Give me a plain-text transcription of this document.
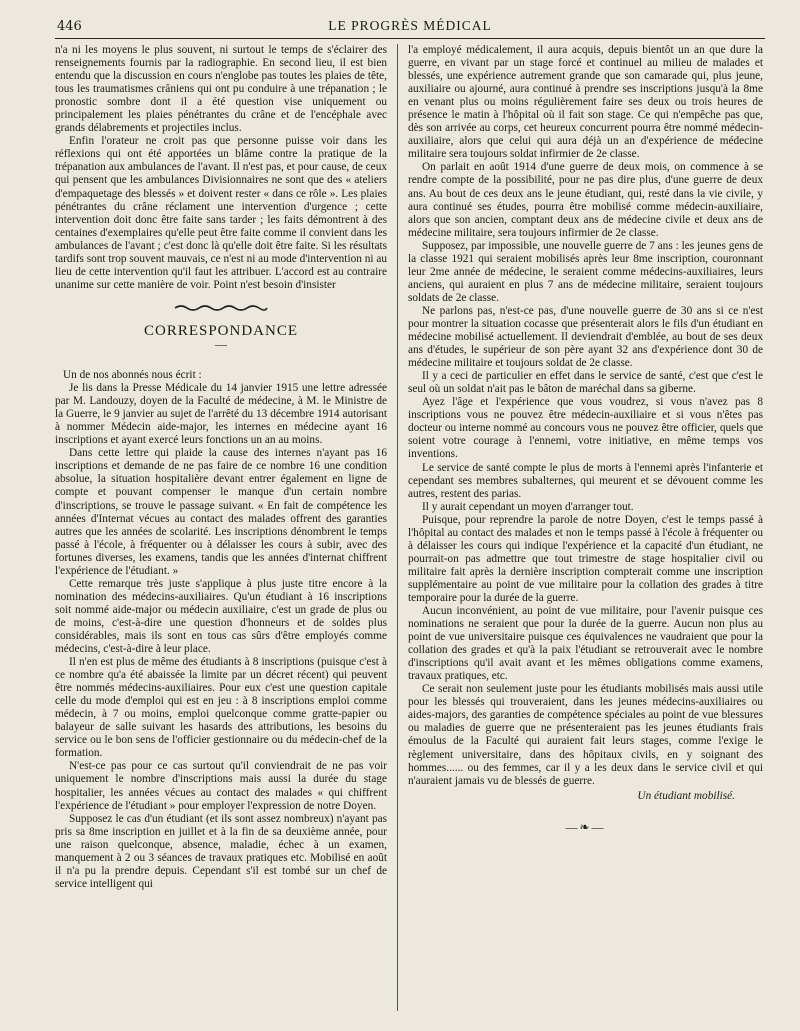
446	LE PROGRÈS MÉDICAL

n'a ni les moyens le plus souvent, ni surtout le temps de s'éclairer des renseignements fournis par la radiographie. En second lieu, il est bien entendu que la discussion en cours n'englobe pas toutes les plaies de tête, tous les traumatismes crâniens qui ont pu conduire à une trépanation ; le pronostic sombre dont il a été question vise uniquement ou principalement les plaies pénétrantes du crâne et de l'encéphale avec grands délabrements et projectiles inclus.

Enfin l'orateur ne croit pas que personne puisse voir dans les réflexions qui ont été apportées un blâme contre la pratique de la trépanation aux ambulances de l'avant. Il n'est pas, et pour cause, de ceux qui pensent que les ambulances Divisionnaires ne sont que des « ateliers d'empaquetage des blessés » et doivent rester « dans ce rôle ». Les plaies pénétrantes du crâne réclament une intervention d'urgence ; cette intervention doit donc être faite sans tarder ; les faits démontrent à des centaines d'exemplaires qu'elle peut être faite comme il convient dans les ambulances de l'avant ; c'est donc là qu'elle doit être faite. Si les résultats tardifs sont trop souvent mauvais, ce n'est ni au mode d'intervention ni au lieu de cette intervention qu'il faut les attribuer. L'accord est au contraire unanime sur cette manière de voir. Point n'est besoin d'insister

CORRESPONDANCE
—

Un de nos abonnés nous écrit :

Je lis dans la Presse Médicale du 14 janvier 1915 une lettre adressée par M. Landouzy, doyen de la Faculté de médecine, à M. le Ministre de la Guerre, le 9 janvier au sujet de l'arrêté du 13 décembre 1914 autorisant à nommer Médecin aide-major, les internes en médecine ayant 16 inscriptions et ayant exercé leurs fonctions un an au moins.

Dans cette lettre qui plaide la cause des internes n'ayant pas 16 inscriptions et demande de ne pas faire de ce nombre 16 une condition absolue, la situation hospitalière devant entrer également en ligne de compte et pouvant compenser le manque d'un certain nombre d'inscriptions, se trouve le passage suivant. « En fait de compétence les années d'Internat vécues au contact des malades offrent des garanties autres que les années de scolarité. Les inscriptions dénombrent le temps passé à l'école, à fréquenter ou à délaisser les cours à subir, avec des fortunes diverses, les examens, tandis que les années d'internat chiffrent l'expérience de l'étudiant. »

Cette remarque très juste s'applique à plus juste titre encore à la nomination des médecins-auxiliaires. Qu'un étudiant à 16 inscriptions soit nommé aide-major ou médecin auxiliaire, c'est un grade de plus ou de moins, c'est-à-dire une question d'honneurs et de soldes plus considérables, mais ils sont en tous cas sûrs d'être employés comme médecins, c'est-à-dire à leur place.

Il n'en est plus de même des étudiants à 8 inscriptions (puisque c'est à ce nombre qu'a été abaissée la limite par un décret récent) qui peuvent être nommés médecins-auxiliaires. Pour eux c'est une question capitale celle du mode d'emploi qui est en jeu : à 8 inscriptions emploi comme médecin, à 7 ou moins, emploi quelconque comme gratte-papier ou balayeur de salle suivant les hasards des attributions, les besoins du service ou le bon sens de l'officier gestionnaire ou du médecin-chef de la formation.

N'est-ce pas pour ce cas surtout qu'il conviendrait de ne pas voir uniquement le nombre d'inscriptions mais aussi la durée du stage hospitalier, les années vécues au contact des malades « qui chiffrent l'expérience de l'étudiant » pour employer l'expression de notre Doyen.

Supposez le cas d'un étudiant (et ils sont assez nombreux) n'ayant pas pris sa 8me inscription en juillet et à la fin de sa deuxième année, pour une raison quelconque, absence, maladie, échec à un examen, manquement à 2 ou 3 séances de travaux pratiques etc. Mobilisé en août il n'a pu la prendre depuis. Cependant s'il est tombé sur un chef de service intelligent qui

l'a employé médicalement, il aura acquis, depuis bientôt un an que dure la guerre, en vivant par un stage forcé et continuel au milieu de malades et blessés, une expérience autrement grande que son camarade qui, plus jeune, auxiliaire ou ajourné, aura continué à prendre ses inscriptions jusqu'à la 8me en venant plus ou moins régulièrement faire ses deux ou trois heures de présence le matin à l'hôpital où il fait son stage. Ce qui n'empêche pas que, dès son arrivée au corps, cet heureux concurrent pourra être nommé médecin-auxiliaire, alors que celui qui aura déjà un an d'expérience de médecine militaire sera toujours soldat infirmier de 2e classe.

On parlait en août 1914 d'une guerre de deux mois, on commence à se rendre compte de la possibilité, pour ne pas dire plus, d'une guerre de deux ans. Au bout de ces deux ans le jeune étudiant, qui, resté dans la vie civile, y aura continué ses études, pourra être mobilisé comme médecin-auxiliaire, alors que son ancien, comptant deux ans de médecine civile et deux ans de médecine militaire, sera toujours infirmier de 2e classe.

Supposez, par impossible, une nouvelle guerre de 7 ans : les jeunes gens de la classe 1921 qui seraient mobilisés après leur 8me inscription, couronnant leur 2me année de médecine, le seraient comme médecins-auxiliaires, leurs anciens, qui auraient en plus 7 ans de médecine militaire, seraient toujours soldats de 2e classe.

Ne parlons pas, n'est-ce pas, d'une nouvelle guerre de 30 ans si ce n'est pour montrer la situation cocasse que présenterait alors le fils d'un étudiant en médecine mobilisé actuellement. Il deviendrait d'emblée, au bout de ses deux ans d'études, le supérieur de son père ayant 32 ans d'expérience dont 30 de médecine militaire et toujours soldat de 2e classe.

Il y a ceci de particulier en effet dans le service de santé, c'est que c'est le seul où un soldat n'ait pas le bâton de maréchal dans sa giberne.

Ayez l'âge et l'expérience que vous voudrez, si vous n'avez pas 8 inscriptions vous ne pouvez être médecin-auxiliaire et si vous n'êtes pas docteur ou interne nommé au concours vous ne pouvez être officier, quels que soient votre courage à l'ennemi, votre initiative, en même temps vos inventions.

Le service de santé compte le plus de morts à l'ennemi après l'infanterie et cependant ses membres subalternes, qui meurent et se dévouent comme les autres, restent des parias.

Il y aurait cependant un moyen d'arranger tout.

Puisque, pour reprendre la parole de notre Doyen, c'est le temps passé à l'hôpital au contact des malades et non le temps passé à l'école à fréquenter ou à délaisser les cours qui indique l'expérience et la capacité d'un étudiant, ne pourrait-on pas admettre que tout trimestre de stage hospitalier civil ou militaire fait après la dernière inscription compterait comme une inscription supplémentaire au point de vue militaire pour la collation des grades à titre temporaire pour la durée de la guerre.

Aucun inconvénient, au point de vue militaire, pour l'avenir puisque ces nominations ne seraient que pour la durée de la guerre. Aucun non plus au point de vue universitaire puisque ces équivalences ne vaudraient que pour la collation des grades et qu'à la paix l'étudiant se retrouverait avec le nombre d'inscriptions qu'il avait avant et les mêmes obligations comme examens, travaux pratiques, etc.

Ce serait non seulement juste pour les étudiants mobilisés mais aussi utile pour les blessés qui trouveraient, dans les jeunes médecins-auxiliaires ou aides-majors, des garanties de compétence spéciales au point de vue blessures ou maladies de guerre que ne présenteraient pas les jeunes étudiants frais émoulus de la Faculté qui auraient fait leurs stages, comme l'exige le règlement universitaire, dans des hôpitaux civils, en y soignant des hommes...... ou des femmes, car il y a les deux dans le service civil et qui n'auraient jamais vu de blessés de guerre.

Un étudiant mobilisé.
—❧—
